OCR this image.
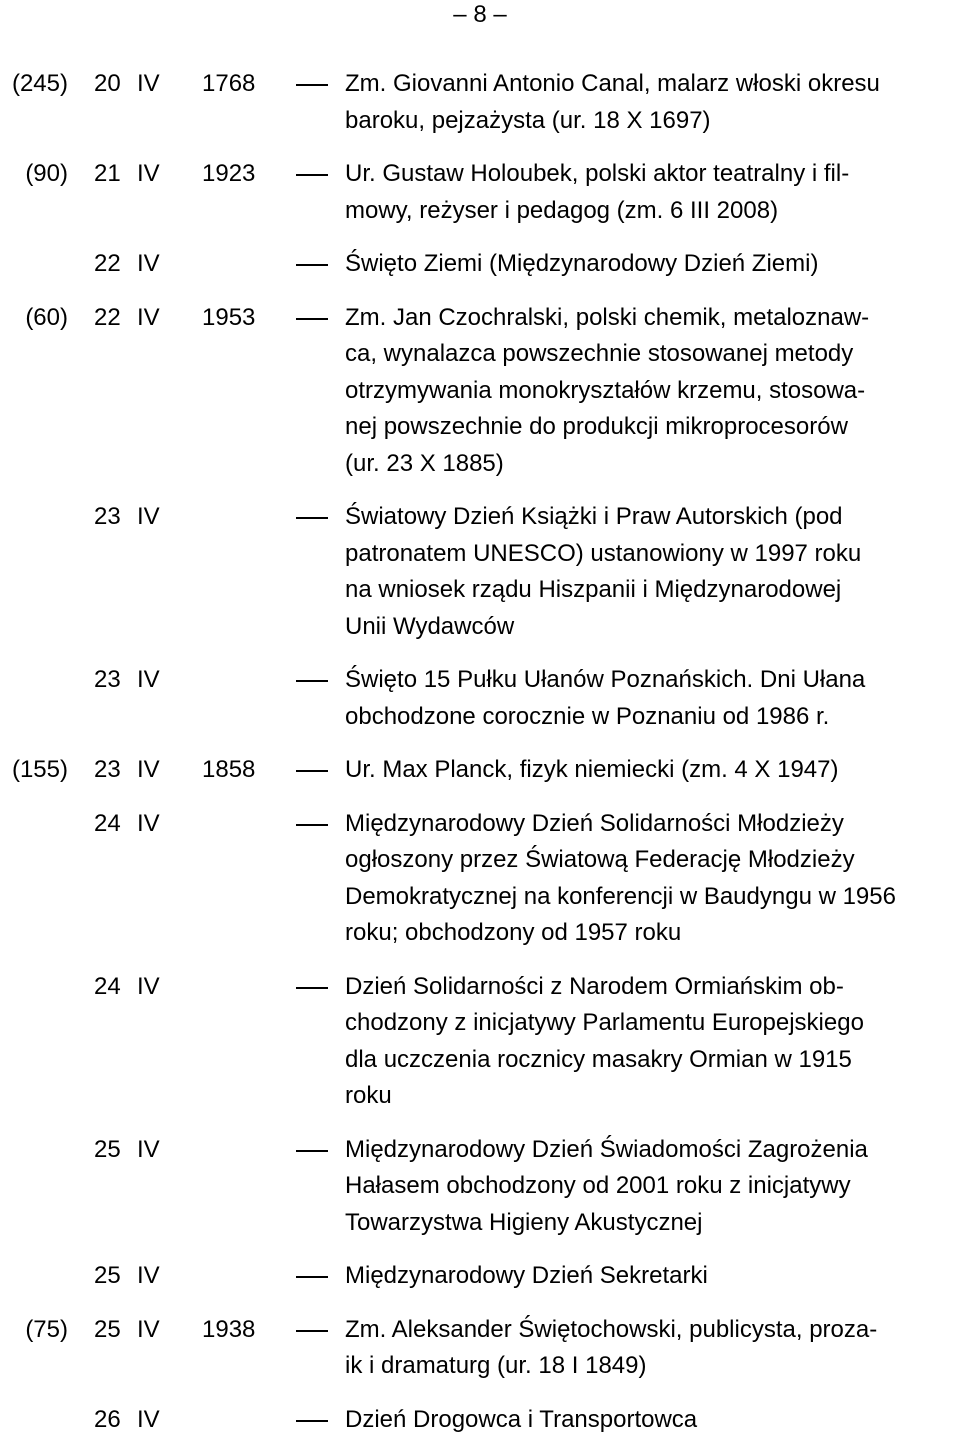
– 8 –
(245) 20 IV 1768	Zm. Giovanni Antonio Canal, malarz włoski okresu
baroku, pejzażysta (ur. 18 X 1697)
(90) 21 IV 1923	Ur. Gustaw Holoubek, polski aktor teatralny i fil-
mowy, reżyser i pedagog (zm. 6 III 2008)
22 IV	Święto Ziemi (Międzynarodowy Dzień Ziemi)
(60) 22 IV 1953	Zm. Jan Czochralski, polski chemik, metaloznaw-
ca, wynalazca powszechnie stosowanej metody
otrzymywania monokryształów krzemu, stosowa-
nej powszechnie do produkcji mikroprocesorów
(ur. 23 X 1885)
23 IV	Światowy Dzień Książki i Praw Autorskich (pod
patronatem UNESCO) ustanowiony w 1997 roku
na wniosek rządu Hiszpanii i Międzynarodowej
Unii Wydawców
23 IV	Święto 15 Pułku Ułanów Poznańskich. Dni Ułana
obchodzone corocznie w Poznaniu od 1986 r.
(155) 23 IV 1858	Ur. Max Planck, fizyk niemiecki (zm. 4 X 1947)
24 IV	Międzynarodowy Dzień Solidarności Młodzieży
ogłoszony przez Światową Federację Młodzieży
Demokratycznej na konferencji w Baudyngu w 1956
roku; obchodzony od 1957 roku
24 IV	Dzień Solidarności z Narodem Ormiańskim ob-
chodzony z inicjatywy Parlamentu Europejskiego
dla uczczenia rocznicy masakry Ormian w 1915
roku
25 IV	Międzynarodowy Dzień Świadomości Zagrożenia
Hałasem obchodzony od 2001 roku z inicjatywy
Towarzystwa Higieny Akustycznej
25 IV	Międzynarodowy Dzień Sekretarki
(75) 25 IV 1938	Zm. Aleksander Świętochowski, publicysta, proza-
ik i dramaturg (ur. 18 I 1849)
26 IV	Dzień Drogowca i Transportowca
